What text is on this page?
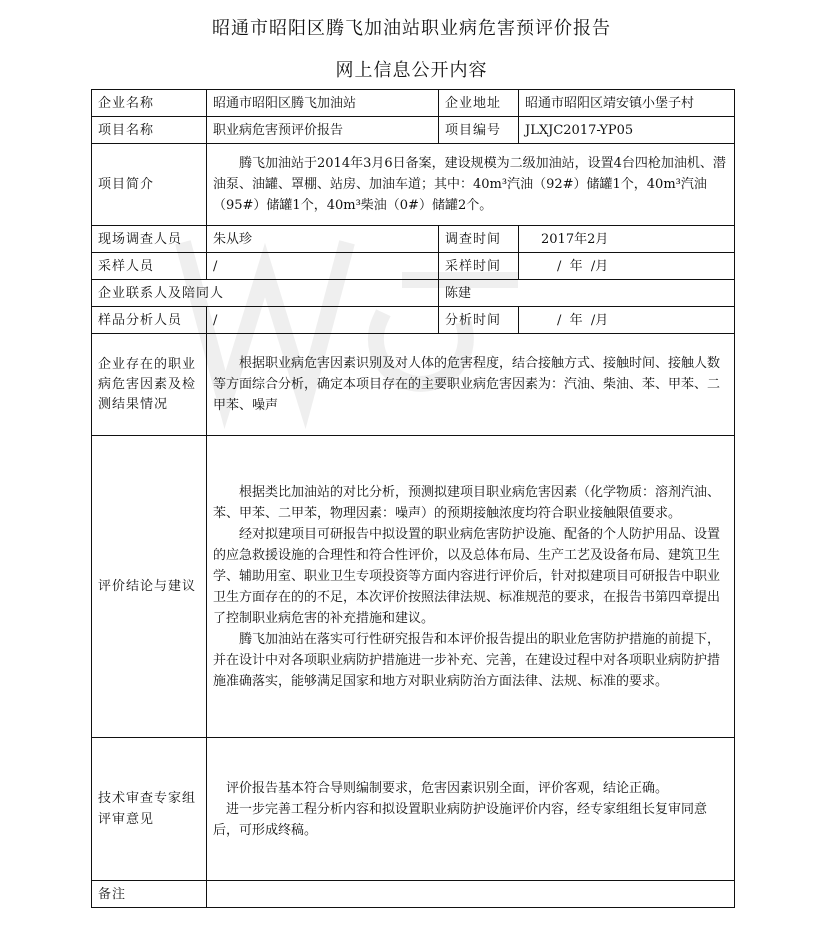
昭通市昭阳区腾飞加油站职业病危害预评价报告
网上信息公开内容
企业名称	昭通市昭阳区腾飞加油站	企业地址	昭通市昭阳区靖安镇小堡子村
项目名称	职业病危害预评价报告	项目编号	JLXJC2017-YP05
项目简介	腾飞加油站于2014年3月6日备案，建设规模为二级加油站，设置4台四枪加油机、潜油泵、油罐、罩棚、站房、加油车道；其中：40m³汽油（92#）储罐1个，40m³汽油（95#）储罐1个，40m³柴油（0#）储罐2个。		
现场调查人员	朱从珍	调查时间	2017年2月
采样人员	/	采样时间	/  年  /月
企业联系人及陪同人		陈建	
样品分析人员	/	分析时间	/  年  /月
企业存在的职业病危害因素及检测结果情况	根据职业病危害因素识别及对人体的危害程度，结合接触方式、接触时间、接触人数等方面综合分析，确定本项目存在的主要职业病危害因素为：汽油、柴油、苯、甲苯、二甲苯、噪声		

评价结论与建议	根据类比加油站的对比分析，预测拟建项目职业病危害因素（化学物质：溶剂汽油、苯、甲苯、二甲苯，物理因素：噪声）的预期接触浓度均符合职业接触限值要求。

经对拟建项目可研报告中拟设置的职业病危害防护设施、配备的个人防护用品、设置的应急救援设施的合理性和符合性评价，以及总体布局、生产工艺及设备布局、建筑卫生学、辅助用室、职业卫生专项投资等方面内容进行评价后，针对拟建项目可研报告中职业卫生方面存在的的不足，本次评价按照法律法规、标准规范的要求，在报告书第四章提出了控制职业病危害的补充措施和建议。

腾飞加油站在落实可行性研究报告和本评价报告提出的职业危害防护措施的前提下，并在设计中对各项职业病防护措施进一步补充、完善，在建设过程中对各项职业病防护措施准确落实，能够满足国家和地方对职业病防治方面法律、法规、标准的要求。		

技术审查专家组评审意见	评价报告基本符合导则编制要求，危害因素识别全面，评价客观，结论正确。

进一步完善工程分析内容和拟设置职业病防护设施评价内容，经专家组组长复审同意后，可形成终稿。		

备注			
